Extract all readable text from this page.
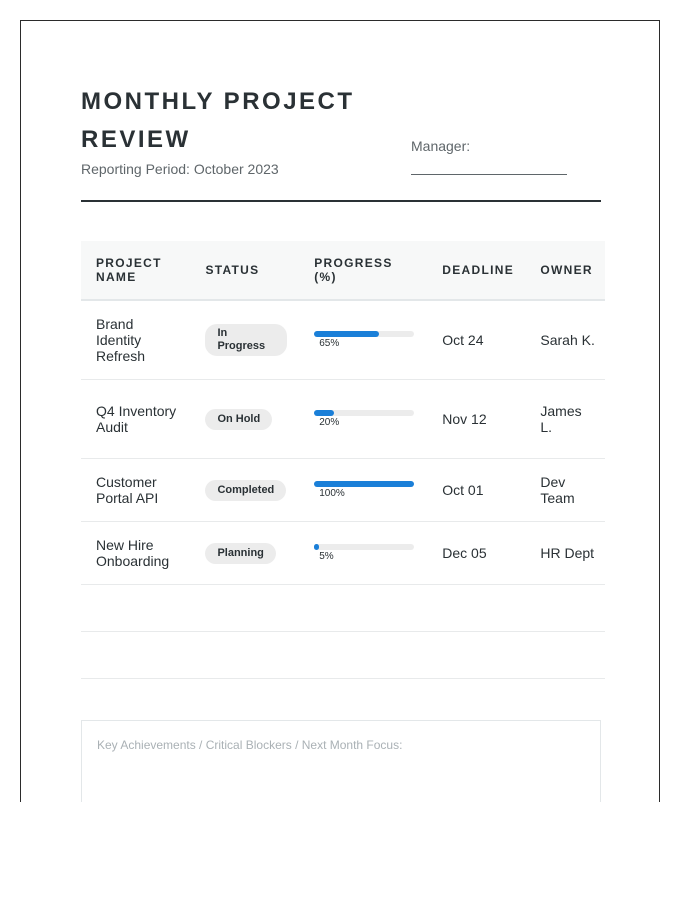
MONTHLY PROJECT REVIEW
Reporting Period: October 2023
Manager:
PROJECT NAME	STATUS	PROGRESS (%)	DEADLINE	OWNER
Brand Identity Refresh	In Progress	65%	Oct 24	Sarah K.
Q4 Inventory Audit	On Hold	20%	Nov 12	James L.
Customer Portal API	Completed	100%	Oct 01	Dev Team
New Hire Onboarding	Planning	5%	Dec 05	HR Dept

Key Achievements / Critical Blockers / Next Month Focus:
